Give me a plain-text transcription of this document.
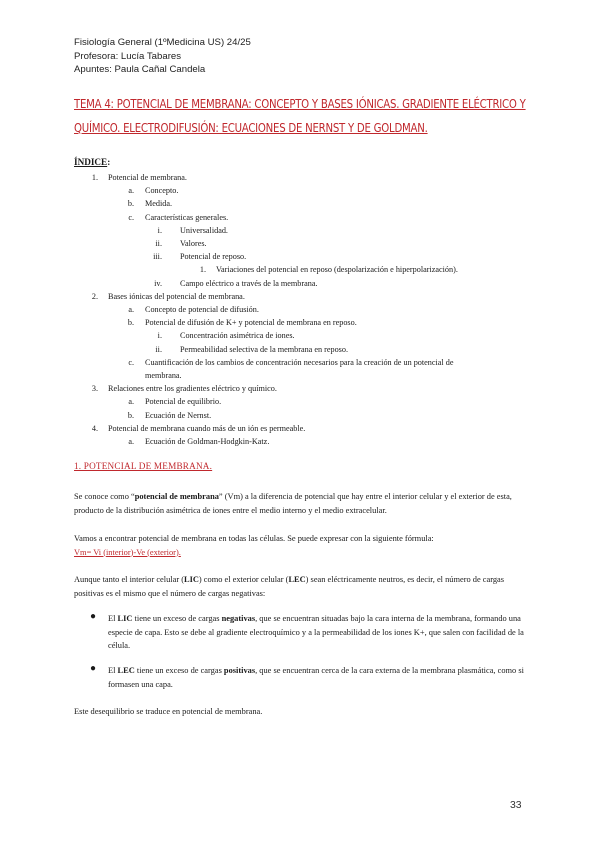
Fisiología General (1ºMedicina US) 24/25
Profesora: Lucía Tabares
Apuntes: Paula Cañal Candela
TEMA 4: POTENCIAL DE MEMBRANA: CONCEPTO Y BASES IÓNICAS. GRADIENTE ELÉCTRICO Y QUÍMICO. ELECTRODIFUSIÓN: ECUACIONES DE NERNST Y DE GOLDMAN.
ÍNDICE:
1. Potencial de membrana.
a. Concepto.
b. Medida.
c. Características generales.
i. Universalidad.
ii. Valores.
iii. Potencial de reposo.
1. Variaciones del potencial en reposo (despolarización e hiperpolarización).
iv. Campo eléctrico a través de la membrana.
2. Bases iónicas del potencial de membrana.
a. Concepto de potencial de difusión.
b. Potencial de difusión de K+ y potencial de membrana en reposo.
i. Concentración asimétrica de iones.
ii. Permeabilidad selectiva de la membrana en reposo.
c. Cuantificación de los cambios de concentración necesarios para la creación de un potencial de
membrana.
3. Relaciones entre los gradientes eléctrico y químico.
a. Potencial de equilibrio.
b. Ecuación de Nernst.
4. Potencial de membrana cuando más de un ión es permeable.
a. Ecuación de Goldman-Hodgkin-Katz.
1. POTENCIAL DE MEMBRANA.
Se conoce como “potencial de membrana” (Vm) a la diferencia de potencial que hay entre el interior celular y el exterior de esta, producto de la distribución asimétrica de iones entre el medio interno y el medio extracelular.
Vamos a encontrar potencial de membrana en todas las células. Se puede expresar con la siguiente fórmula:
Vm= Vi (interior)-Ve (exterior).
Aunque tanto el interior celular (LIC) como el exterior celular (LEC) sean eléctricamente neutros, es decir, el número de cargas positivas es el mismo que el número de cargas negativas:
● El LIC tiene un exceso de cargas negativas, que se encuentran situadas bajo la cara interna de la membrana, formando una especie de capa. Esto se debe al gradiente electroquímico y a la permeabilidad de los iones K+, que salen con facilidad de la célula.
● El LEC tiene un exceso de cargas positivas, que se encuentran cerca de la cara externa de la membrana plasmática, como si formasen una capa.
Este desequilibrio se traduce en potencial de membrana.
33
